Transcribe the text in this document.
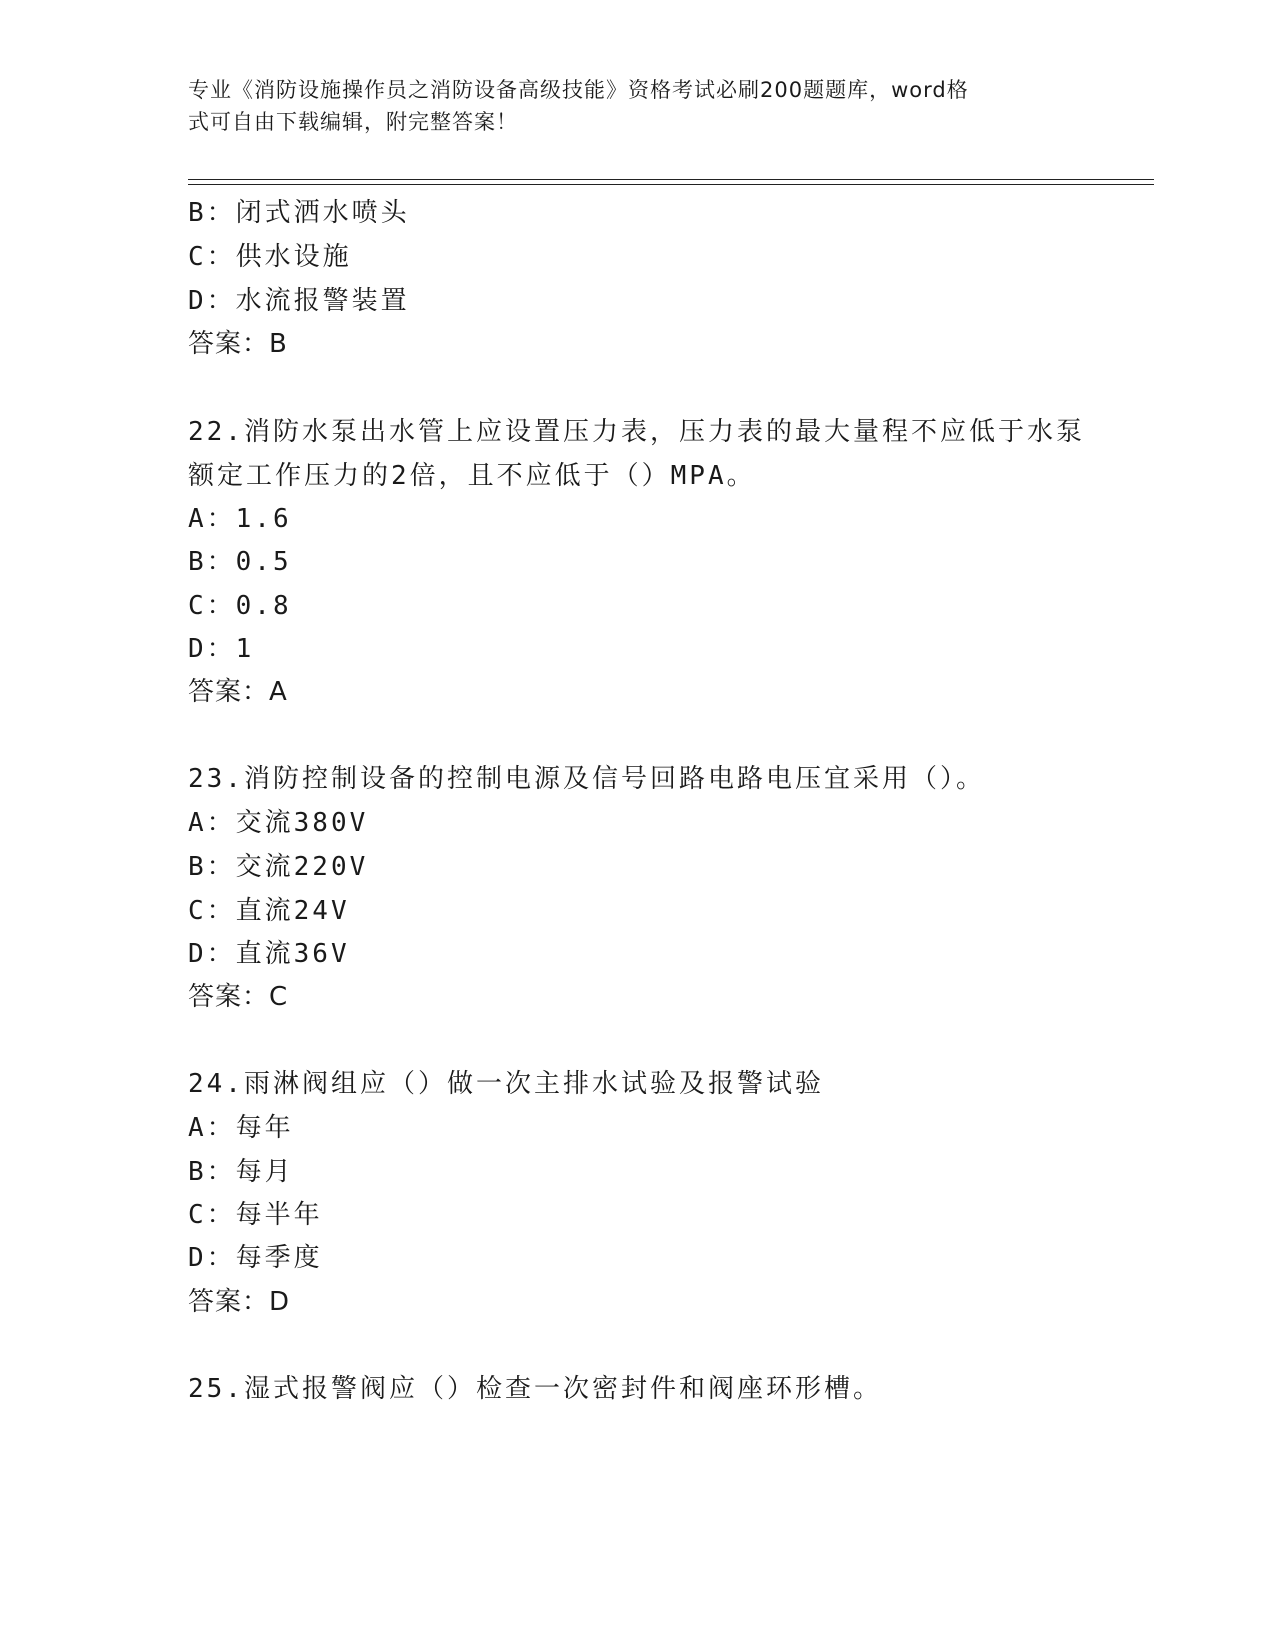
专业《消防设施操作员之消防设备高级技能》资格考试必刷200题题库，word格
式可自由下载编辑，附完整答案！
B：闭式洒水喷头
C：供水设施
D：水流报警装置
答案：B
22.消防水泵出水管上应设置压力表，压力表的最大量程不应低于水泵
额定工作压力的2倍，且不应低于（）MPA。
A：1.6
B：0.5
C：0.8
D：1
答案：A
23.消防控制设备的控制电源及信号回路电路电压宜采用（）。
A：交流380V
B：交流220V
C：直流24V
D：直流36V
答案：C
24.雨淋阀组应（）做一次主排水试验及报警试验
A：每年
B：每月
C：每半年
D：每季度
答案：D
25.湿式报警阀应（）检查一次密封件和阀座环形槽。
